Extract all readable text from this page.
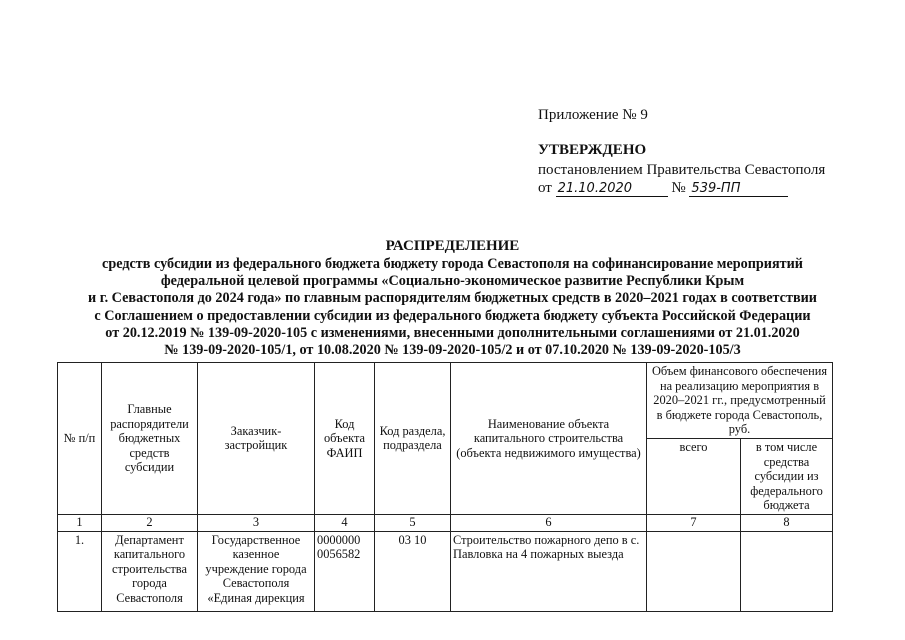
Приложение № 9
УТВЕРЖДЕНО
постановлением Правительства Севастополя
от 21.10.2020	№ 539-ПП
РАСПРЕДЕЛЕНИЕ
средств субсидии из федерального бюджета бюджету города Севастополя на софинансирование мероприятий
федеральной целевой программы «Социально-экономическое развитие Республики Крым
и г. Севастополя до 2024 года» по главным распорядителям бюджетных средств в 2020–2021 годах в соответствии
с Соглашением о предоставлении субсидии из федерального бюджета бюджету субъекта Российской Федерации
от 20.12.2019 № 139-09-2020-105 с изменениями, внесенными дополнительными соглашениями от 21.01.2020
№ 139-09-2020-105/1, от 10.08.2020 № 139-09-2020-105/2 и от 07.10.2020 № 139-09-2020-105/3
№ п/п	Главные распорядители бюджетных средств субсидии	Заказчик-застройщик	Код объекта ФАИП	Код раздела, подраздела	Наименование объекта капитального строительства (объекта недвижимого имущества)	Объем финансового обеспечения на реализацию мероприятия в 2020–2021 гг., предусмотренный в бюджете города Севастополь, руб.	
						всего	в том числе средства субсидии из федерального бюджета
1	2	3	4	5	6	7	8
1.	Департамент капитального строительства города Севастополя	Государственное казенное учреждение города Севастополя «Единая дирекция	0000000 0056582	03 10	Строительство пожарного депо в с. Павловка на 4 пожарных выезда		
